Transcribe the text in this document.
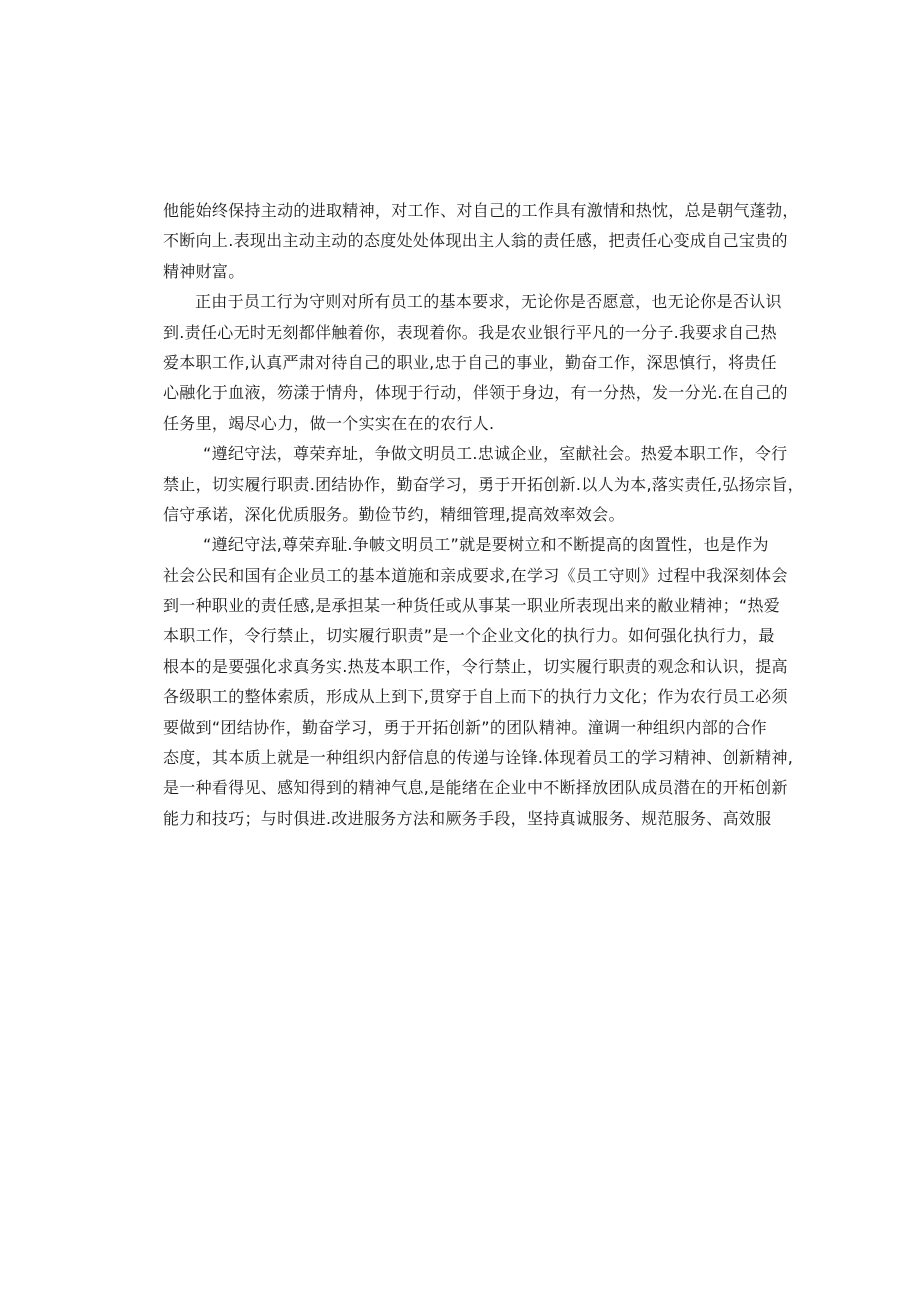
他能始终保持主动的进取精神，对工作、对自己的工作具有激情和热忱，总是朝气蓬勃，
不断向上.表现出主动主动的态度处处体现出主人翁的责任感，把责任心变成自己宝贵的
精神财富。
正由于员工行为守则对所有员工的基本要求，无论你是否愿意，也无论你是否认识
到.责任心无时无刻都伴触着你，表现着你。我是农业银行平凡的一分子.我要求自己热
爱本职工作,认真严肃对待自己的职业,忠于自己的事业，勤奋工作，深思慎行，将贵任
心融化于血液，笏漾于情舟，体现于行动，伴领于身边，有一分热，发一分光.在自己的
任务里，竭尽心力，做一个实实在在的农行人.
“遵纪守法，尊荣弃址，争做文明员工.忠诚企业，室献社会。热爱本职工作，令行
禁止，切实履行职责.团结协作，勤奋学习，勇于开拓创新.以人为本,落实责任,弘扬宗旨，
信守承诺，深化优质服务。勤俭节约，精细管理,提高效率效会。
“遵纪守法,尊荣弃耻.争帔文明员工”就是要树立和不断提高的囱置性，也是作为
社会公民和国有企业员工的基本道施和亲成要求,在学习《员工守则》过程中我深刻体会
到一种职业的责任感,是承担某一种货任或从事某一职业所表现出来的敝业精神；“热爱
本职工作，令行禁止，切实履行职责”是一个企业文化的执行力。如何强化执行力，最
根本的是要强化求真务实.热芨本职工作，令行禁止，切实履行职责的观念和认识，提高
各级职工的整体索质，形成从上到下,贯穿于自上而下的执行力文化；作为农行员工必须
要做到“团结协作，勤奋学习，勇于开拓创新”的团队精神。潼调一种组织内部的合作
态度，其本质上就是一种组织内舒信息的传递与诠锋.体现着员工的学习精神、创新精神,
是一种看得见、感知得到的精神气息,是能绪在企业中不断择放团队成员潜在的开柘创新
能力和技巧；与时俱进.改进服务方法和厥务手段，坚持真诚服务、规范服务、高效服
